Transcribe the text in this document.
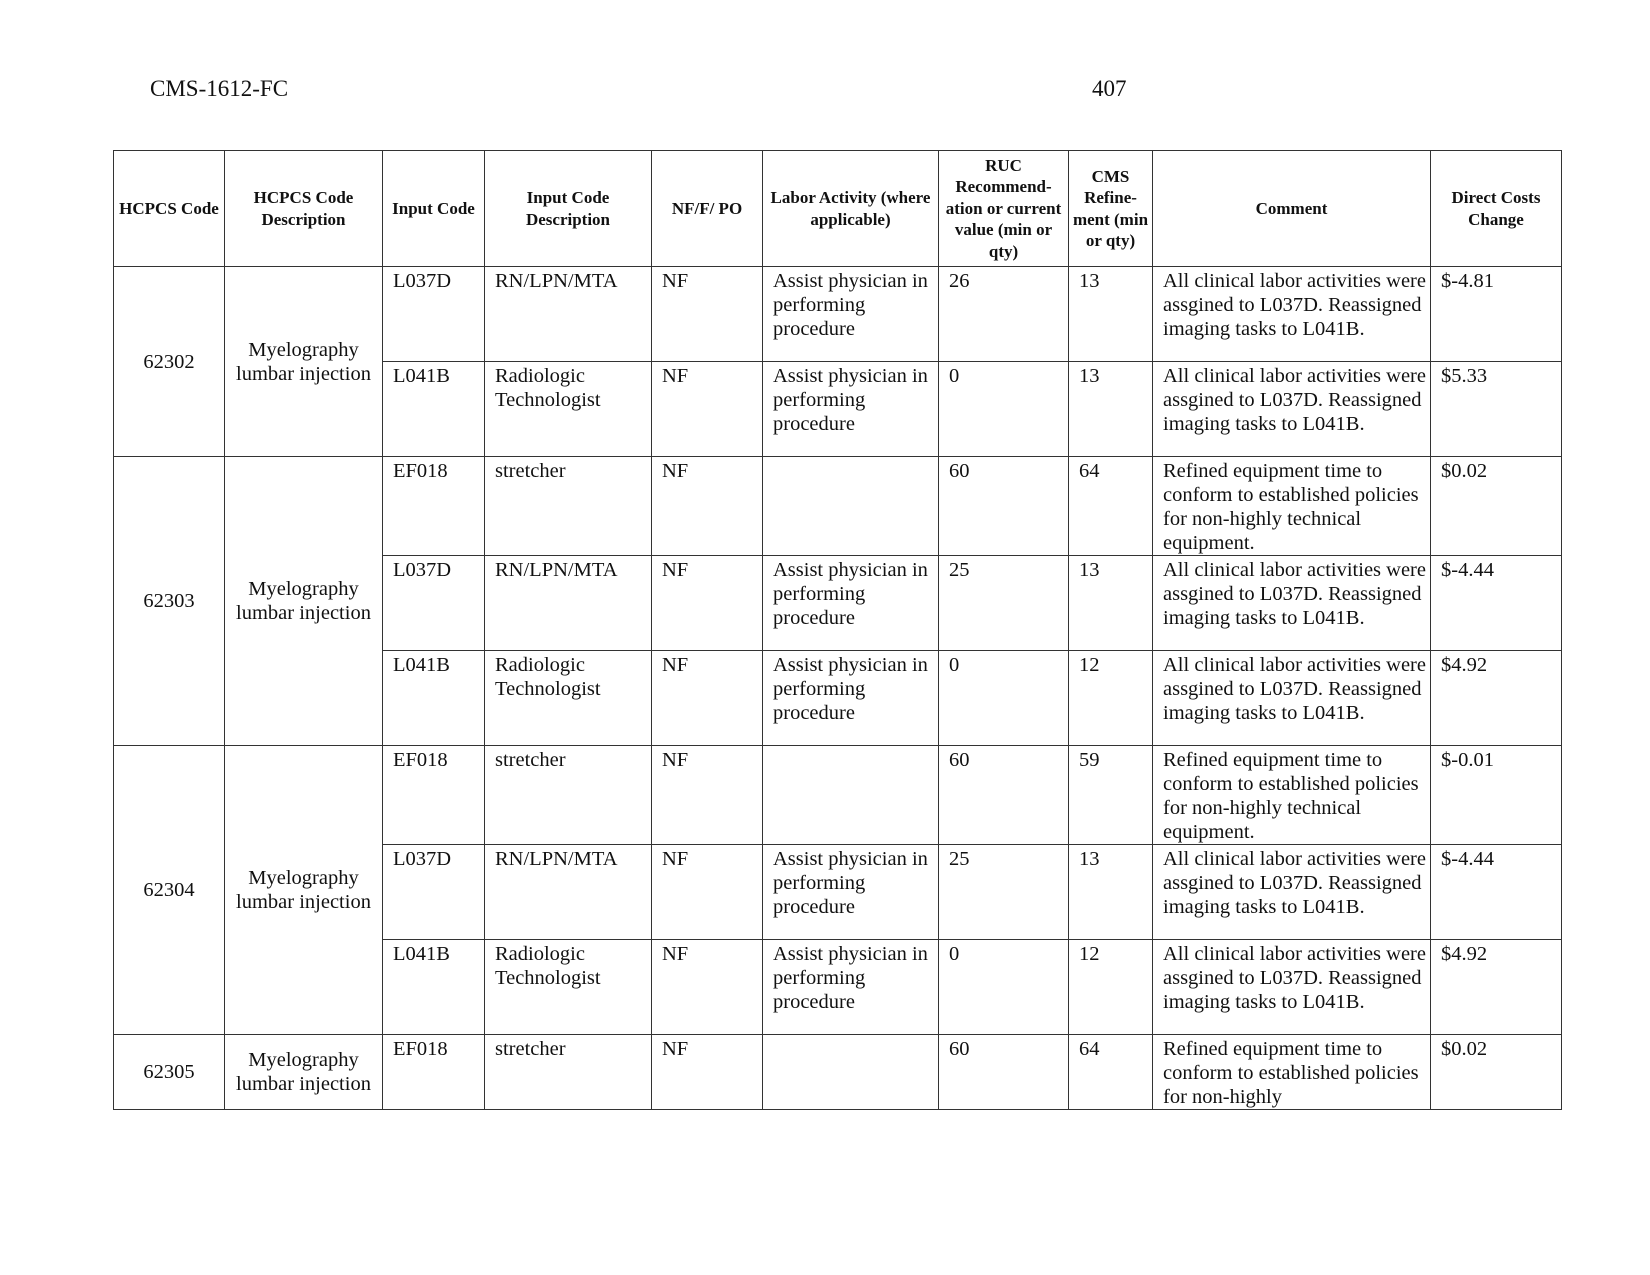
CMS-1612-FC	407
HCPCS Code	HCPCS Code Description	Input Code	Input Code Description	NF/F/ PO	Labor Activity (where applicable)	RUC Recommend-ation or current value (min or qty)	CMS Refine-ment (min or qty)	Comment	Direct Costs Change
62302	Myelography lumbar injection	L037D	RN/LPN/MTA	NF	Assist physician in performing procedure	26	13	All clinical labor activities were assgined to L037D. Reassigned imaging tasks to L041B.	$-4.81
		L041B	Radiologic Technologist	NF	Assist physician in performing procedure	0	13	All clinical labor activities were assgined to L037D. Reassigned imaging tasks to L041B.	$5.33
62303	Myelography lumbar injection	EF018	stretcher	NF		60	64	Refined equipment time to conform to established policies for non-highly technical equipment.	$0.02
		L037D	RN/LPN/MTA	NF	Assist physician in performing procedure	25	13	All clinical labor activities were assgined to L037D. Reassigned imaging tasks to L041B.	$-4.44
		L041B	Radiologic Technologist	NF	Assist physician in performing procedure	0	12	All clinical labor activities were assgined to L037D. Reassigned imaging tasks to L041B.	$4.92
62304	Myelography lumbar injection	EF018	stretcher	NF		60	59	Refined equipment time to conform to established policies for non-highly technical equipment.	$-0.01
		L037D	RN/LPN/MTA	NF	Assist physician in performing procedure	25	13	All clinical labor activities were assgined to L037D. Reassigned imaging tasks to L041B.	$-4.44
		L041B	Radiologic Technologist	NF	Assist physician in performing procedure	0	12	All clinical labor activities were assgined to L037D. Reassigned imaging tasks to L041B.	$4.92
62305	Myelography lumbar injection	EF018	stretcher	NF		60	64	Refined equipment time to conform to established policies for non-highly	$0.02
